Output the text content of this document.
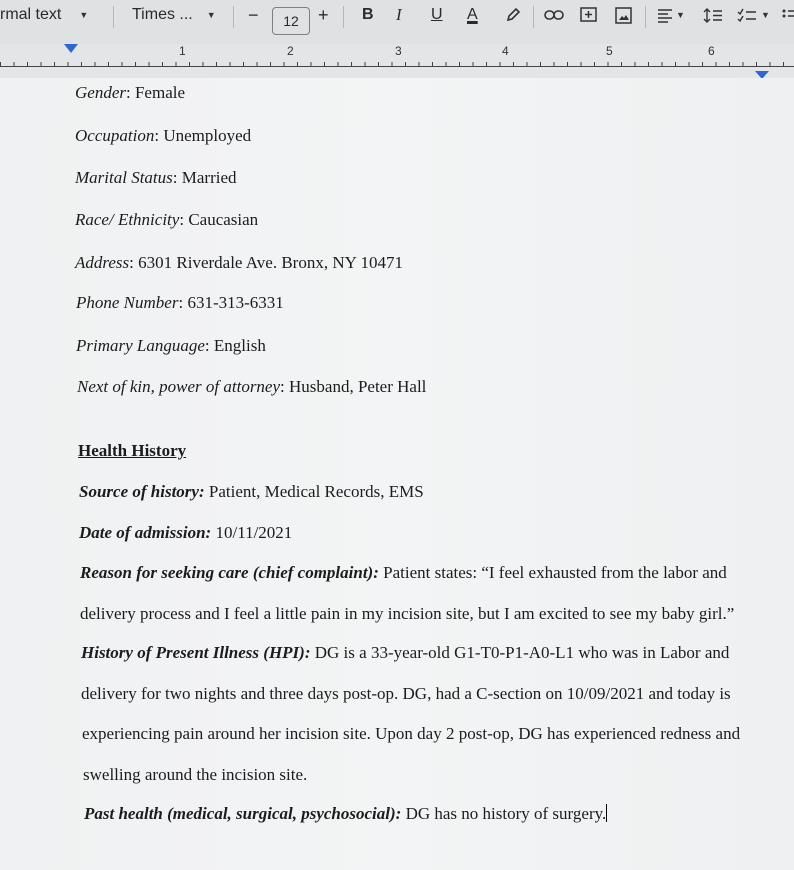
rmal text ▼	Times ... ▼ −	12	+ B I U A	▼	▼
1	2	3	4	5	6
Gender: Female
Occupation: Unemployed
Marital Status: Married
Race/ Ethnicity: Caucasian
Address: 6301 Riverdale Ave. Bronx, NY 10471
Phone Number: 631-313-6331
Primary Language: English
Next of kin, power of attorney: Husband, Peter Hall
Health History
Source of history: Patient, Medical Records, EMS
Date of admission: 10/11/2021
Reason for seeking care (chief complaint): Patient states: “I feel exhausted from the labor and
delivery process and I feel a little pain in my incision site, but I am excited to see my baby girl.”
History of Present Illness (HPI): DG is a 33-year-old G1-T0-P1-A0-L1 who was in Labor and
delivery for two nights and three days post-op. DG, had a C-section on 10/09/2021 and today is
experiencing pain around her incision site. Upon day 2 post-op, DG has experienced redness and
swelling around the incision site.
Past health (medical, surgical, psychosocial): DG has no history of surgery.
